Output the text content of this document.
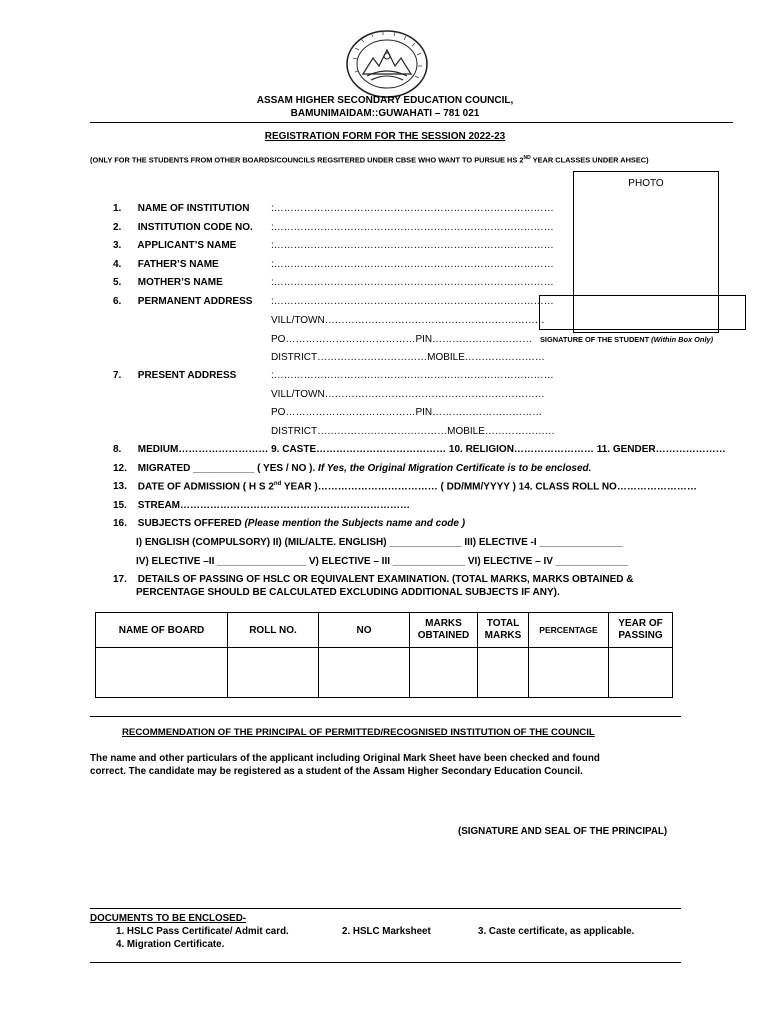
ASSAM HIGHER SECONDARY EDUCATION COUNCIL,
BAMUNIMAIDAM::GUWAHATI – 781 021
REGISTRATION FORM FOR THE SESSION 2022-23
(ONLY FOR THE STUDENTS FROM OTHER BOARDS/COUNCILS REGSITERED UNDER CBSE WHO WANT TO PURSUE HS 2ND YEAR CLASSES UNDER AHSEC)
PHOTO
SIGNATURE OF THE STUDENT (Within Box Only)
1. NAME OF INSTITUTION :…………………………………………………………………………
2. INSTITUTION CODE NO. :…………………………………………………………………………
3. APPLICANT’S NAME	:…………………………………………………………………………
4. FATHER’S NAME	:…………………………………………………………………………
5. MOTHER’S NAME	:…………………………………………………………………………
6. PERMANENT ADDRESS :…………………………………………………………………………
VILL/TOWN…………………………………………………………
PO…………………………………PIN…………………………
DISTRICT……………………………MOBILE……………………
7. PRESENT ADDRESS	:…………………………………………………………………………
VILL/TOWN…………………………………………………………
PO…………………………………PIN……………………………
DISTRICT…………………………………MOBILE…………………
8. MEDIUM……………………… 9. CASTE………………………………… 10. RELIGION…………………… 11. GENDER…………………
12. MIGRATED ___________ ( YES / NO ). If Yes, the Original Migration Certificate is to be enclosed.
13. DATE OF ADMISSION ( H S 2nd YEAR )……………………………… ( DD/MM/YYYY ) 14. CLASS ROLL NO……………………
15. STREAM……………………………………………………………
16. SUBJECTS OFFERED (Please mention the Subjects name and code )
I) ENGLISH (COMPULSORY) II) (MIL/ALTE. ENGLISH) _____________ III) ELECTIVE -I _______________
IV) ELECTIVE –II ________________ V) ELECTIVE – III _____________ VI) ELECTIVE – IV _____________
17. DETAILS OF PASSING OF HSLC OR EQUIVALENT EXAMINATION. (TOTAL MARKS, MARKS OBTAINED &
PERCENTAGE SHOULD BE CALCULATED EXCLUDING ADDITIONAL SUBJECTS IF ANY).
NAME OF BOARD	ROLL NO.	NO	MARKS OBTAINED	TOTAL MARKS	PERCENTAGE	YEAR OF PASSING

RECOMMENDATION OF THE PRINCIPAL OF PERMITTED/RECOGNISED INSTITUTION OF THE COUNCIL
The name and other particulars of the applicant including Original Mark Sheet have been checked and found
correct. The candidate may be registered as a student of the Assam Higher Secondary Education Council.
(SIGNATURE AND SEAL OF THE PRINCIPAL)
DOCUMENTS TO BE ENCLOSED-
1. HSLC Pass Certificate/ Admit card.	2. HSLC Marksheet	3. Caste certificate, as applicable.
4. Migration Certificate.
